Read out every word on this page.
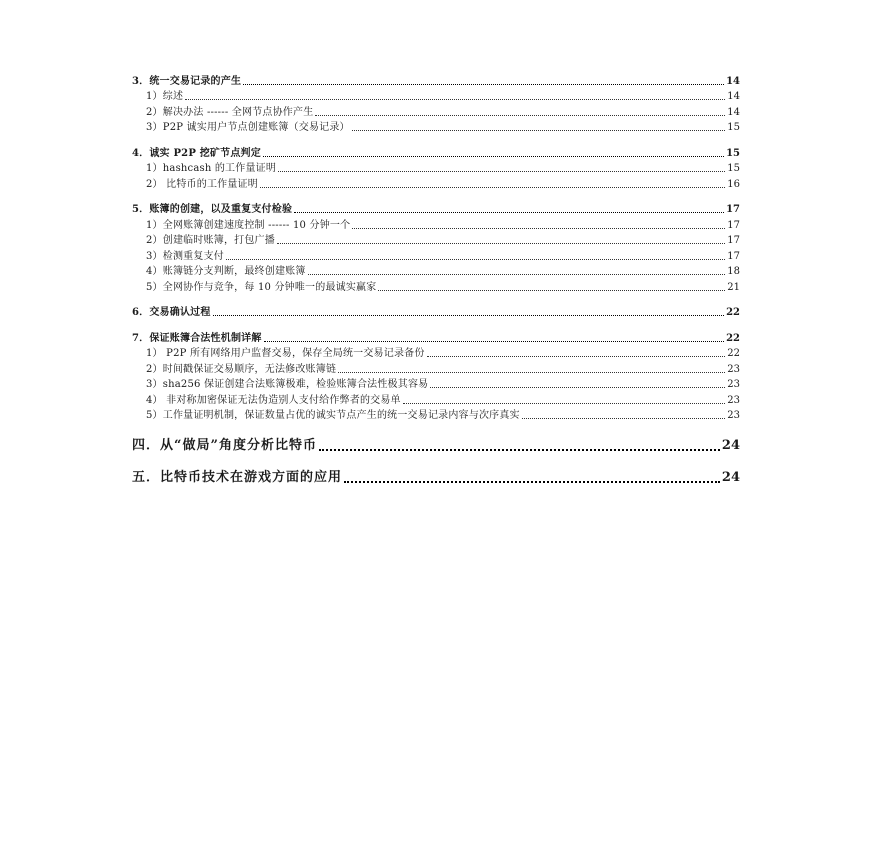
3．统一交易记录的产生	14
1）综述	14
2）解决办法 ------ 全网节点协作产生	14
3）P2P 诚实用户节点创建账簿（交易记录）	15
4．诚实 P2P 挖矿节点判定	15
1）hashcash 的工作量证明	15
2） 比特币的工作量证明	16
5．账簿的创建，以及重复支付检验	17
1）全网账簿创建速度控制 ------ 10 分钟一个	17
2）创建临时账簿，打包广播	17
3）检测重复支付	17
4）账簿链分支判断，最终创建账簿	18
5）全网协作与竞争，每 10 分钟唯一的最诚实赢家	21
6．交易确认过程	22
7．保证账簿合法性机制详解	22
1） P2P 所有网络用户监督交易，保存全局统一交易记录备份	22
2）时间戳保证交易顺序，无法修改账簿链	23
3）sha256 保证创建合法账簿极难，检验账簿合法性极其容易	23
4） 非对称加密保证无法伪造别人支付给作弊者的交易单	23
5）工作量证明机制，保证数量占优的诚实节点产生的统一交易记录内容与次序真实	23
四．从“做局”角度分析比特币	24
五．比特币技术在游戏方面的应用	24
